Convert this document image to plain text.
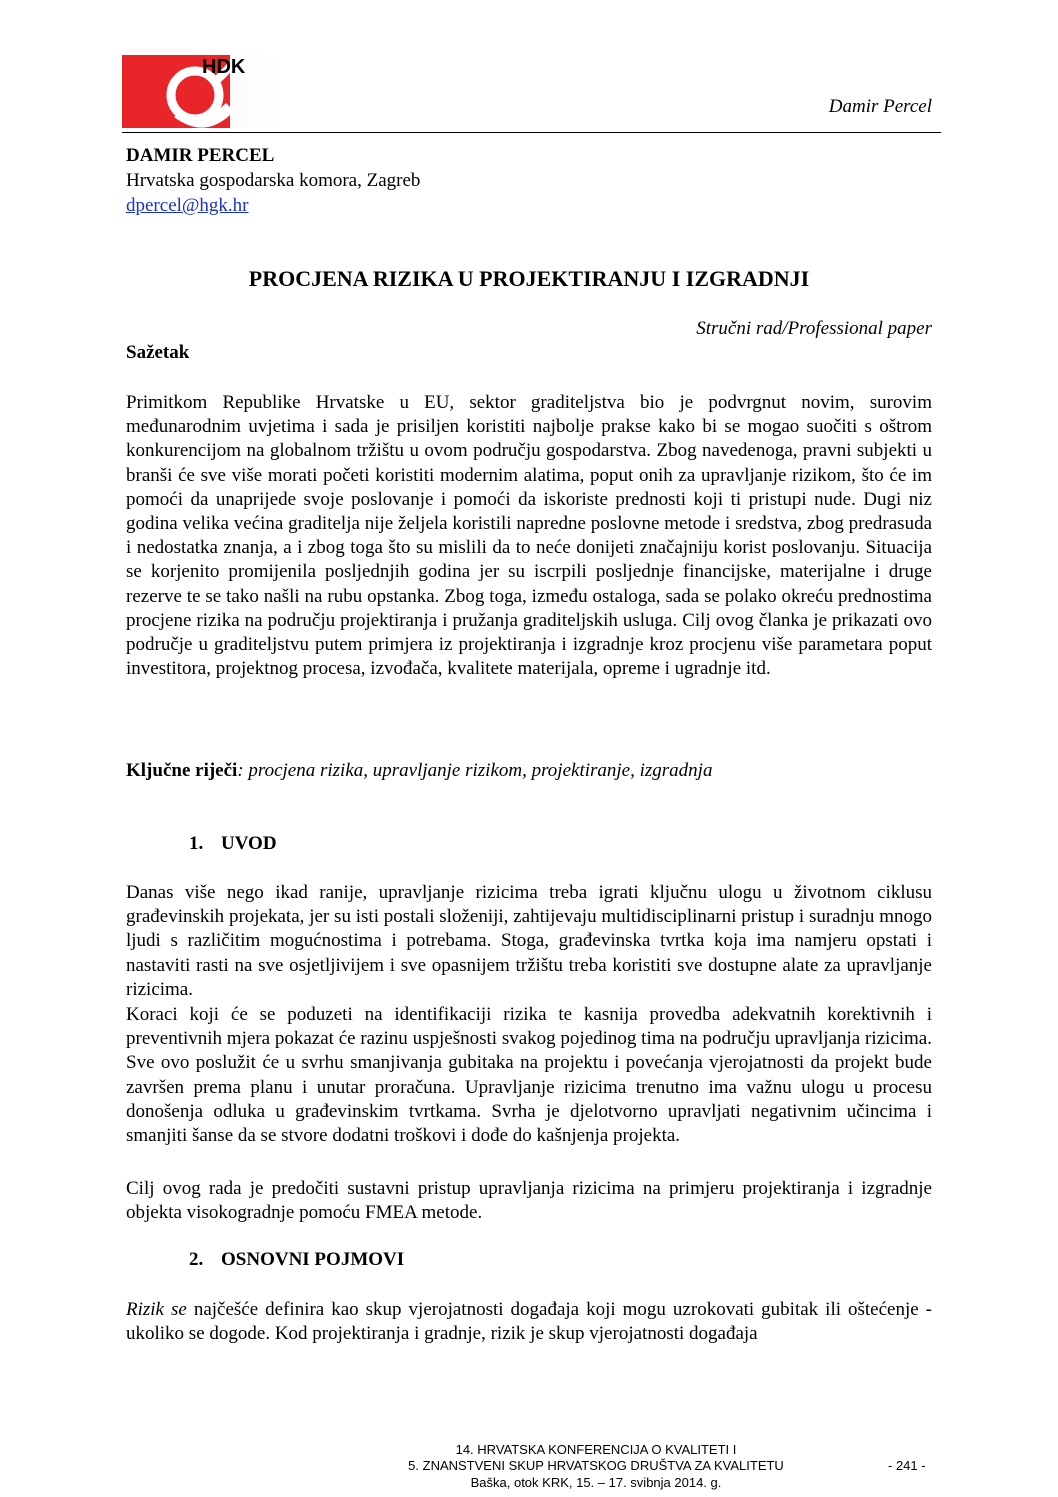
HDK
Damir Percel
DAMIR PERCEL
Hrvatska gospodarska komora, Zagreb
dpercel@hgk.hr
PROCJENA RIZIKA U PROJEKTIRANJU I IZGRADNJI
Stručni rad/Professional paper
Sažetak
Primitkom Republike Hrvatske u EU, sektor graditeljstva bio je podvrgnut novim, surovim međunarodnim uvjetima i sada je prisiljen koristiti najbolje prakse kako bi se mogao suočiti s oštrom konkurencijom na globalnom tržištu u ovom području gospodarstva. Zbog navedenoga, pravni subjekti u branši će sve više morati početi koristiti modernim alatima, poput onih za upravljanje rizikom, što će im pomoći da unaprijede svoje poslovanje i pomoći da iskoriste prednosti koji ti pristupi nude. Dugi niz godina velika većina graditelja nije željela koristili napredne poslovne metode i sredstva, zbog predrasuda i nedostatka znanja, a i zbog toga što su mislili da to neće donijeti značajniju korist poslovanju. Situacija se korjenito promijenila posljednjih godina jer su iscrpili posljednje financijske, materijalne i druge rezerve te se tako našli na rubu opstanka. Zbog toga, između ostaloga, sada se polako okreću prednostima procjene rizika na području projektiranja i pružanja graditeljskih usluga. Cilj ovog članka je prikazati ovo područje u graditeljstvu putem primjera iz projektiranja i izgradnje kroz procjenu više parametara poput investitora, projektnog procesa, izvođača, kvalitete materijala, opreme i ugradnje itd.
Ključne riječi: procjena rizika, upravljanje rizikom, projektiranje, izgradnja
1. UVOD
Danas više nego ikad ranije, upravljanje rizicima treba igrati ključnu ulogu u životnom ciklusu građevinskih projekata, jer su isti postali složeniji, zahtijevaju multidisciplinarni pristup i suradnju mnogo ljudi s različitim mogućnostima i potrebama. Stoga, građevinska tvrtka koja ima namjeru opstati i nastaviti rasti na sve osjetljivijem i sve opasnijem tržištu treba koristiti sve dostupne alate za upravljanje rizicima.
Koraci koji će se poduzeti na identifikaciji rizika te kasnija provedba adekvatnih korektivnih i preventivnih mjera pokazat će razinu uspješnosti svakog pojedinog tima na području upravljanja rizicima. Sve ovo poslužit će u svrhu smanjivanja gubitaka na projektu i povećanja vjerojatnosti da projekt bude završen prema planu i unutar proračuna. Upravljanje rizicima trenutno ima važnu ulogu u procesu donošenja odluka u građevinskim tvrtkama. Svrha je djelotvorno upravljati negativnim učincima i smanjiti šanse da se stvore dodatni troškovi i dođe do kašnjenja projekta.
Cilj ovog rada je predočiti sustavni pristup upravljanja rizicima na primjeru projektiranja i izgradnje objekta visokogradnje pomoću FMEA metode.
2. OSNOVNI POJMOVI
Rizik se najčešće definira kao skup vjerojatnosti događaja koji mogu uzrokovati gubitak ili oštećenje - ukoliko se dogode. Kod projektiranja i gradnje, rizik je skup vjerojatnosti događaja
14. HRVATSKA KONFERENCIJA O KVALITETI I
5. ZNANSTVENI SKUP HRVATSKOG DRUŠTVA ZA KVALITETU
Baška, otok KRK, 15. – 17. svibnja 2014. g.
- 241 -
